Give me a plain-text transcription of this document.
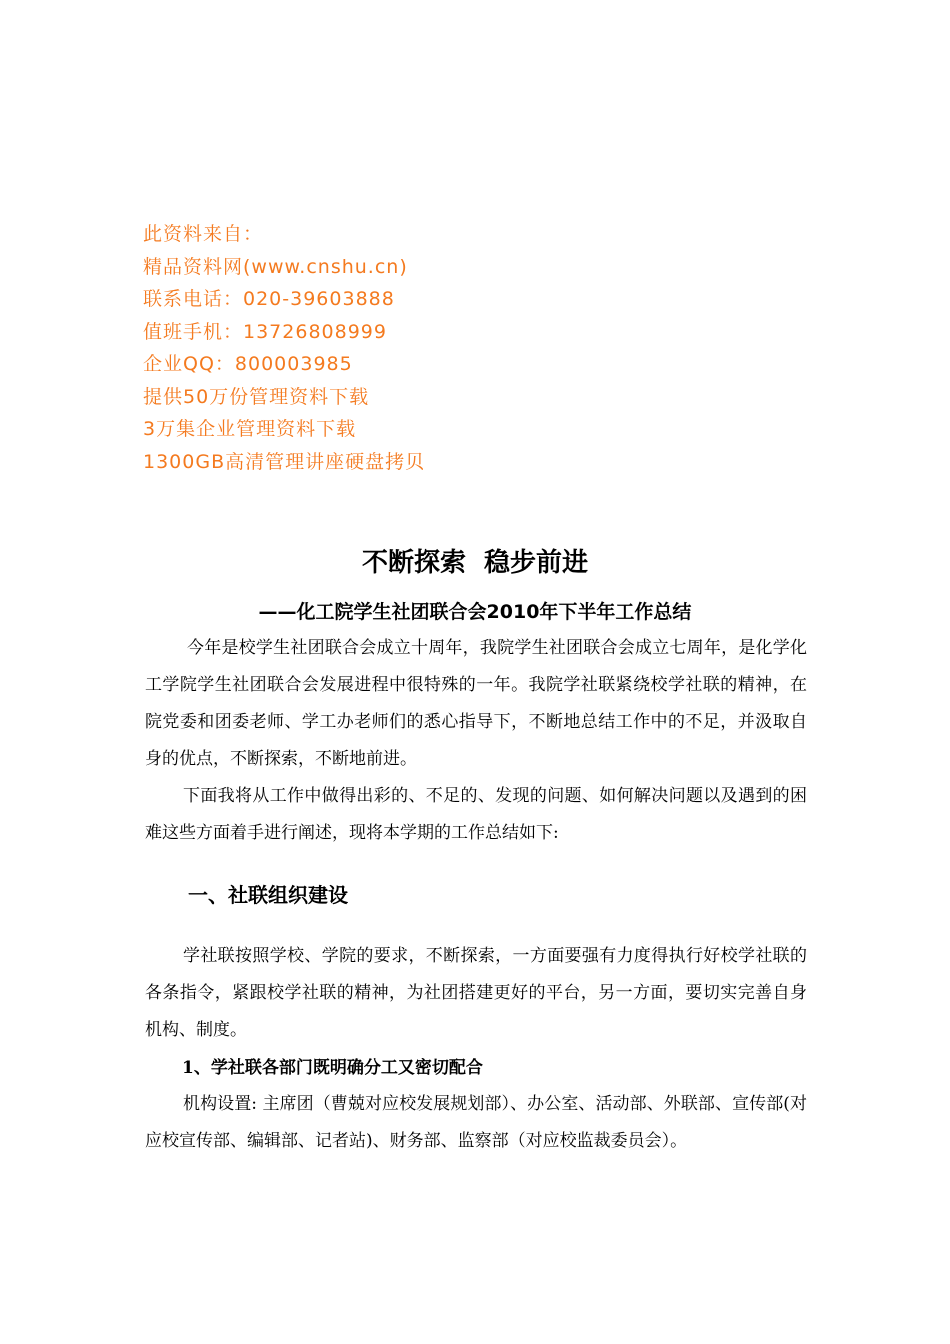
此资料来自：
精品资料网(www.cnshu.cn)
联系电话：020-39603888
值班手机：13726808999
企业QQ：800003985
提供50万份管理资料下载
3万集企业管理资料下载
1300GB高清管理讲座硬盘拷贝
不断探索  稳步前进
——化工院学生社团联合会2010年下半年工作总结
今年是校学生社团联合会成立十周年，我院学生社团联合会成立七周年，是化学化工学院学生社团联合会发展进程中很特殊的一年。我院学社联紧绕校学社联的精神，在院党委和团委老师、学工办老师们的悉心指导下，不断地总结工作中的不足，并汲取自身的优点，不断探索，不断地前进。
下面我将从工作中做得出彩的、不足的、发现的问题、如何解决问题以及遇到的困难这些方面着手进行阐述，现将本学期的工作总结如下:
一、社联组织建设
学社联按照学校、学院的要求，不断探索，一方面要强有力度得执行好校学社联的各条指令，紧跟校学社联的精神，为社团搭建更好的平台，另一方面，要切实完善自身机构、制度。
1、学社联各部门既明确分工又密切配合
机构设置: 主席团（曹兢对应校发展规划部）、办公室、活动部、外联部、宣传部(对应校宣传部、编辑部、记者站)、财务部、监察部（对应校监裁委员会）。
